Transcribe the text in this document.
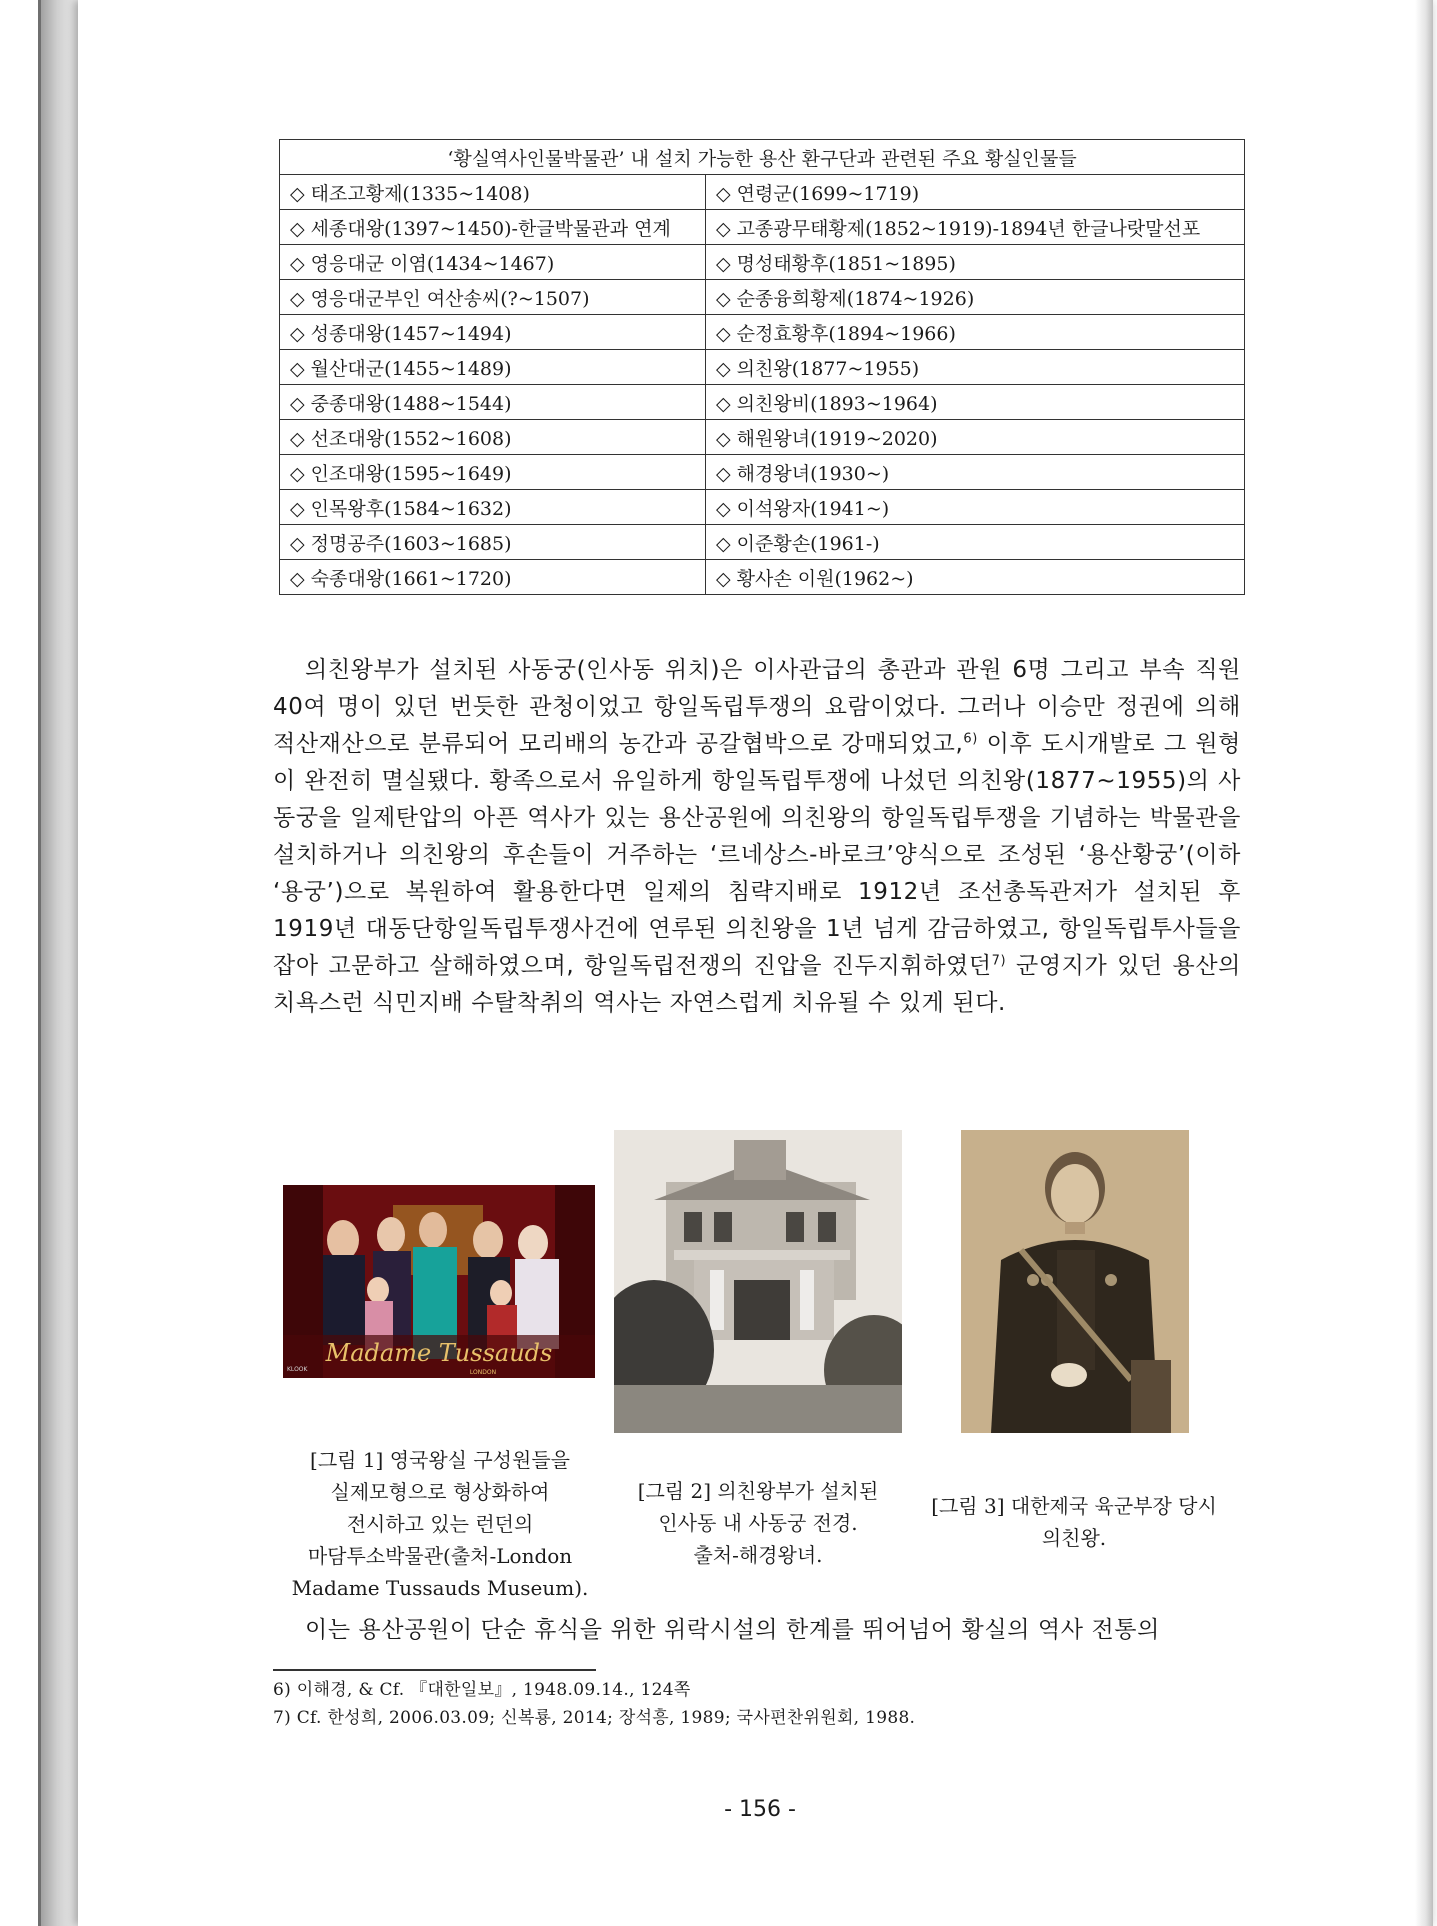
‘황실역사인물박물관’ 내 설치 가능한 용산 환구단과 관련된 주요 황실인물들	
◇ 태조고황제(1335~1408)	◇ 연령군(1699~1719)
◇ 세종대왕(1397~1450)-한글박물관과 연계	◇ 고종광무태황제(1852~1919)-1894년 한글나랏말선포
◇ 영응대군 이염(1434~1467)	◇ 명성태황후(1851~1895)
◇ 영응대군부인 여산송씨(?~1507)	◇ 순종융희황제(1874~1926)
◇ 성종대왕(1457~1494)	◇ 순정효황후(1894~1966)
◇ 월산대군(1455~1489)	◇ 의친왕(1877~1955)
◇ 중종대왕(1488~1544)	◇ 의친왕비(1893~1964)
◇ 선조대왕(1552~1608)	◇ 해원왕녀(1919~2020)
◇ 인조대왕(1595~1649)	◇ 해경왕녀(1930~)
◇ 인목왕후(1584~1632)	◇ 이석왕자(1941~)
◇ 정명공주(1603~1685)	◇ 이준황손(1961-)
◇ 숙종대왕(1661~1720)	◇ 황사손 이원(1962~)

의친왕부가 설치된 사동궁(인사동 위치)은 이사관급의 총관과 관원 6명 그리고 부속 직원 40여 명이 있던 번듯한 관청이었고 항일독립투쟁의 요람이었다. 그러나 이승만 정권에 의해 적산재산으로 분류되어 모리배의 농간과 공갈협박으로 강매되었고,$^{6)}$ 이후 도시개발로 그 원형이 완전히 멸실됐다. 황족으로서 유일하게 항일독립투쟁에 나섰던 의친왕(1877~1955)의 사동궁을 일제탄압의 아픈 역사가 있는 용산공원에 의친왕의 항일독립투쟁을 기념하는 박물관을 설치하거나 의친왕의 후손들이 거주하는 ‘르네상스-바로크’양식으로 조성된 ‘용산황궁’(이하 ‘용궁’)으로 복원하여 활용한다면 일제의 침략지배로 1912년 조선총독관저가 설치된 후 1919년 대동단항일독립투쟁사건에 연루된 의친왕을 1년 넘게 감금하였고, 항일독립투사들을 잡아 고문하고 살해하였으며, 항일독립전쟁의 진압을 진두지휘하였던$^{7)}$ 군영지가 있던 용산의 치욕스런 식민지배 수탈착취의 역사는 자연스럽게 치유될 수 있게 된다.

Madame Tussauds
LONDON
KLOOK
[그림 1] 영국왕실 구성원들을
실제모형으로 형상화하여
전시하고 있는 런던의
마담투소박물관(출처-London
Madame Tussauds Museum).
[그림 2] 의친왕부가 설치된
인사동 내 사동궁 전경.
출처-해경왕녀.
[그림 3] 대한제국 육군부장 당시
의친왕.
이는 용산공원이 단순 휴식을 위한 위락시설의 한계를 뛰어넘어 황실의 역사 전통의
6) 이해경, & Cf. 『대한일보』, 1948.09.14., 124쪽
7) Cf. 한성희, 2006.03.09; 신복룡, 2014; 장석흥, 1989; 국사편찬위원회, 1988.
- 156 -
